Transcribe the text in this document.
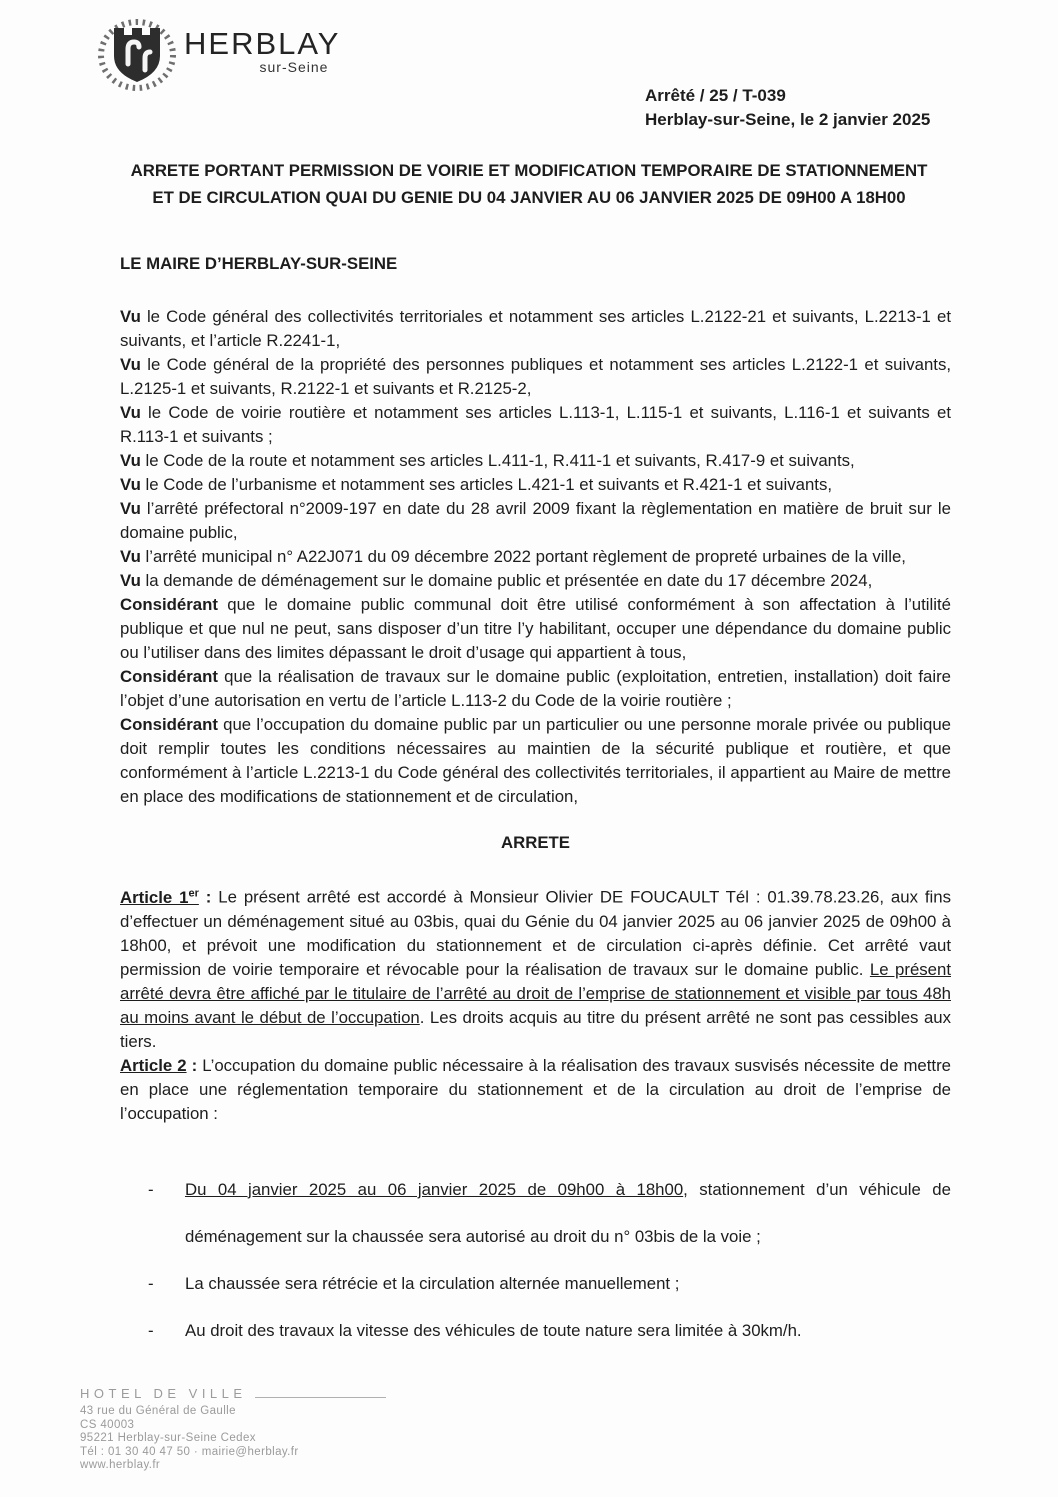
HERBLAY
sur-Seine
Arrêté / 25 / T-039
Herblay-sur-Seine, le 2 janvier 2025
ARRETE PORTANT PERMISSION DE VOIRIE ET MODIFICATION TEMPORAIRE DE STATIONNEMENT
ET DE CIRCULATION QUAI DU GENIE DU 04 JANVIER AU 06 JANVIER 2025 DE 09H00 A 18H00

LE MAIRE D’HERBLAY-SUR-SEINE

Vu le Code général des collectivités territoriales et notamment ses articles L.2122-21 et suivants, L.2213-1 et suivants, et l’article R.2241-1,

Vu le Code général de la propriété des personnes publiques et notamment ses articles L.2122-1 et suivants, L.2125-1 et suivants, R.2122-1 et suivants et R.2125-2,

Vu le Code de voirie routière et notamment ses articles L.113-1, L.115-1 et suivants, L.116-1 et suivants et R.113-1 et suivants ;

Vu le Code de la route et notamment ses articles L.411-1, R.411-1 et suivants, R.417-9 et suivants,

Vu le Code de l’urbanisme et notamment ses articles L.421-1 et suivants et R.421-1 et suivants,

Vu l’arrêté préfectoral n°2009-197 en date du 28 avril 2009 fixant la règlementation en matière de bruit sur le domaine public,

Vu l’arrêté municipal n° A22J071 du 09 décembre 2022 portant règlement de propreté urbaines de la ville,

Vu la demande de déménagement sur le domaine public et présentée en date du 17 décembre 2024,

Considérant que le domaine public communal doit être utilisé conformément à son affectation à l’utilité publique et que nul ne peut, sans disposer d’un titre l’y habilitant, occuper une dépendance du domaine public ou l’utiliser dans des limites dépassant le droit d’usage qui appartient à tous,

Considérant que la réalisation de travaux sur le domaine public (exploitation, entretien, installation) doit faire l’objet d’une autorisation en vertu de l’article L.113-2 du Code de la voirie routière ;

Considérant que l’occupation du domaine public par un particulier ou une personne morale privée ou publique doit remplir toutes les conditions nécessaires au maintien de la sécurité publique et routière, et que conformément à l’article L.2213-1 du Code général des collectivités territoriales, il appartient au Maire de mettre en place des modifications de stationnement et de circulation,

ARRETE

Article 1er : Le présent arrêté est accordé à Monsieur Olivier DE FOUCAULT Tél : 01.39.78.23.26, aux fins d’effectuer un déménagement situé au 03bis, quai du Génie du 04 janvier 2025 au 06 janvier 2025 de 09h00 à 18h00, et prévoit une modification du stationnement et de circulation ci-après définie. Cet arrêté vaut permission de voirie temporaire et révocable pour la réalisation de travaux sur le domaine public. Le présent arrêté devra être affiché par le titulaire de l’arrêté au droit de l’emprise de stationnement et visible par tous 48h au moins avant le début de l’occupation. Les droits acquis au titre du présent arrêté ne sont pas cessibles aux tiers.

Article 2 : L’occupation du domaine public nécessaire à la réalisation des travaux susvisés nécessite de mettre en place une réglementation temporaire du stationnement et de la circulation au droit de l’emprise de l’occupation :

-	Du 04 janvier 2025 au 06 janvier 2025 de 09h00 à 18h00, stationnement d’un véhicule de déménagement sur la chaussée sera autorisé au droit du n° 03bis de la voie ;
-	La chaussée sera rétrécie et la circulation alternée manuellement ;
-	Au droit des travaux la vitesse des véhicules de toute nature sera limitée à 30km/h.
HOTEL DE VILLE
43 rue du Général de Gaulle
CS 40003
95221 Herblay-sur-Seine Cedex
Tél : 01 30 40 47 50 · mairie@herblay.fr
www.herblay.fr
